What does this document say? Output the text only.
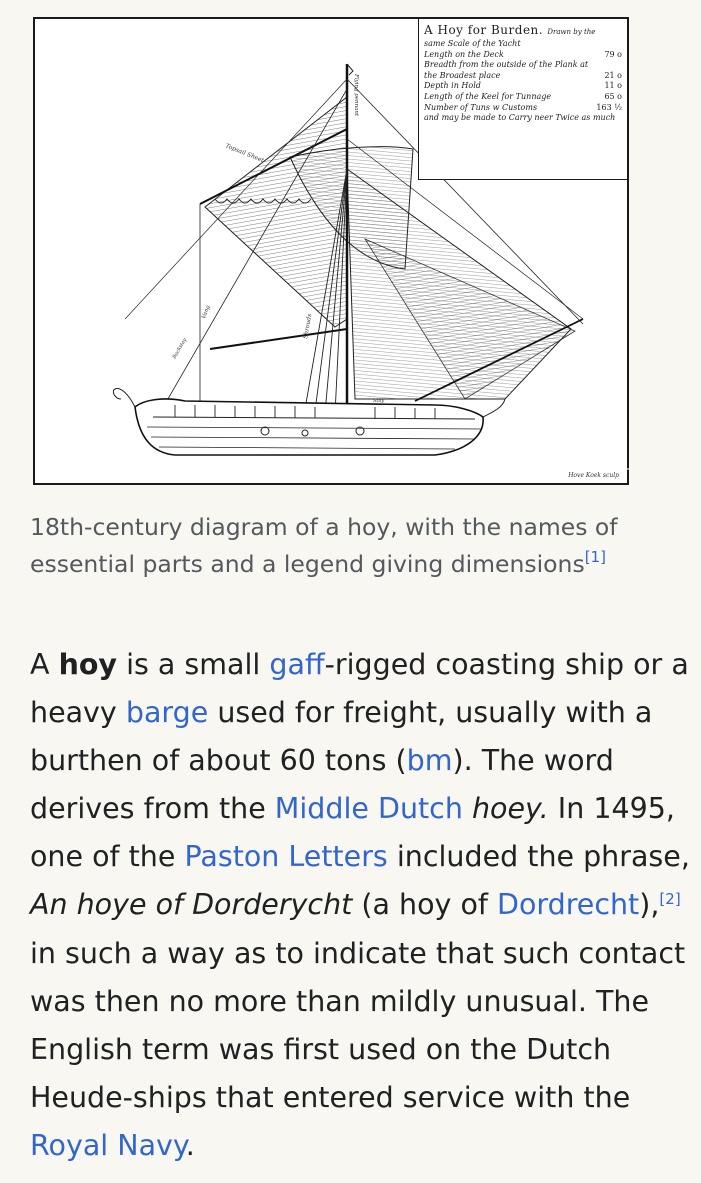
Topsail Sheet
Flying pennant
Shrouds
Vang
Stay
Backstay
A Hoy for Burden. Drawn by the
same Scale of the Yacht
Length on the Deck	79 o
Breadth from the outside of the Plank at
the Broadest place	21 o
Depth in Hold	11 o
Length of the Keel for Tunnage	65 o
Number of Tuns w Customs	163 ½
and may be made to Carry neer Twice as much
Hove Koek sculp
18th-century diagram of a hoy, with the names of essential parts and a legend giving dimensions[1]
A hoy is a small gaff-rigged coasting ship or a heavy barge used for freight, usually with a burthen of about 60 tons (bm). The word derives from the Middle Dutch hoey. In 1495, one of the Paston Letters included the phrase, An hoye of Dorderycht (a hoy of Dordrecht),[2] in such a way as to indicate that such contact was then no more than mildly unusual. The English term was first used on the Dutch Heude-ships that entered service with the Royal Navy.
